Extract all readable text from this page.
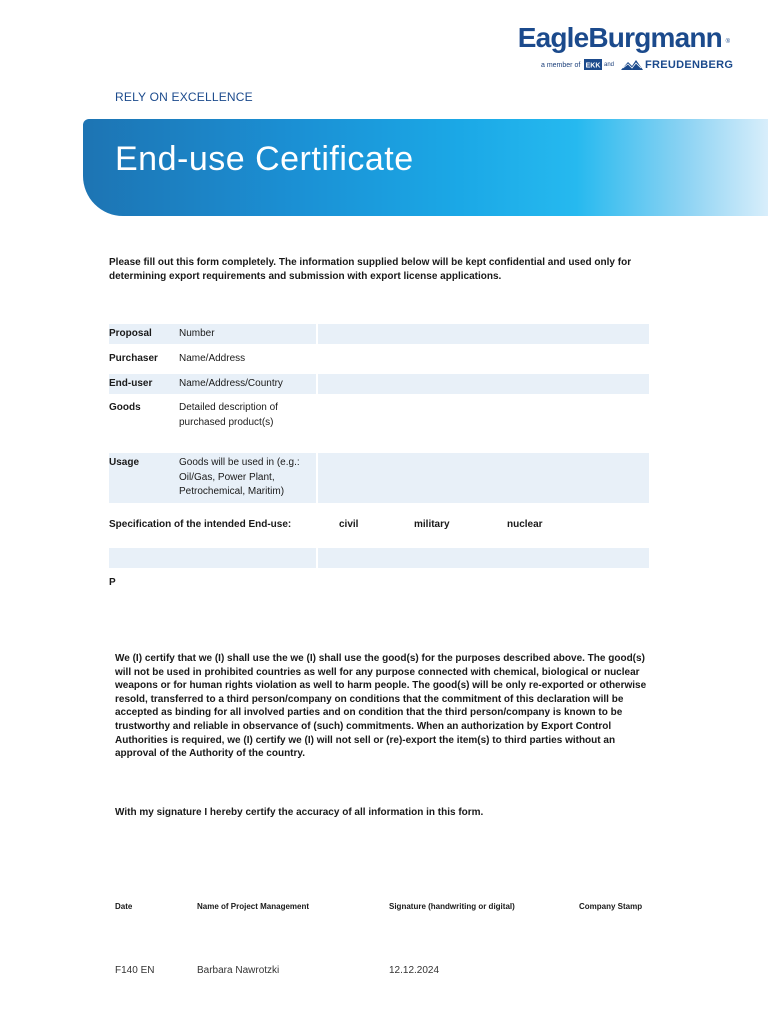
EagleBurgmann ®
a member of EKK and	FREUDENBERG
RELY ON EXCELLENCE
End-use Certificate
Please fill out this form completely. The information supplied below will be kept confidential and used only for determining export requirements and submission with export license applications.
Proposal	Number
Purchaser Name/Address
End-user	Name/Address/Country
Goods	Detailed description of purchased product(s)
Usage	Goods will be used in (e.g.: Oil/Gas, Power Plant, Petrochemical, Maritim)
Specification of the intended End-use:	civil	military	nuclear
P
We (I) certify that we (I) shall use the we (I) shall use the good(s) for the purposes described above. The good(s) will not be used in prohibited countries as well for any purpose connected with chemical, biological or nuclear weapons or for human rights violation as well to harm people. The good(s) will be only re-exported or otherwise resold, transferred to a third person/company on conditions that the commitment of this declaration will be accepted as binding for all involved parties and on condition that the third person/company is known to be trustworthy and reliable in observance of (such) commitments. When an authorization by Export Control Authorities is required, we (I) certify we (I) will not sell or (re)-export the item(s) to third parties without an approval of the Authority of the country.
With my signature I hereby certify the accuracy of all information in this form.
Date	Name of Project Management	Signature (handwriting or digital)	Company Stamp
F140 EN	Barbara Nawrotzki	12.12.2024
